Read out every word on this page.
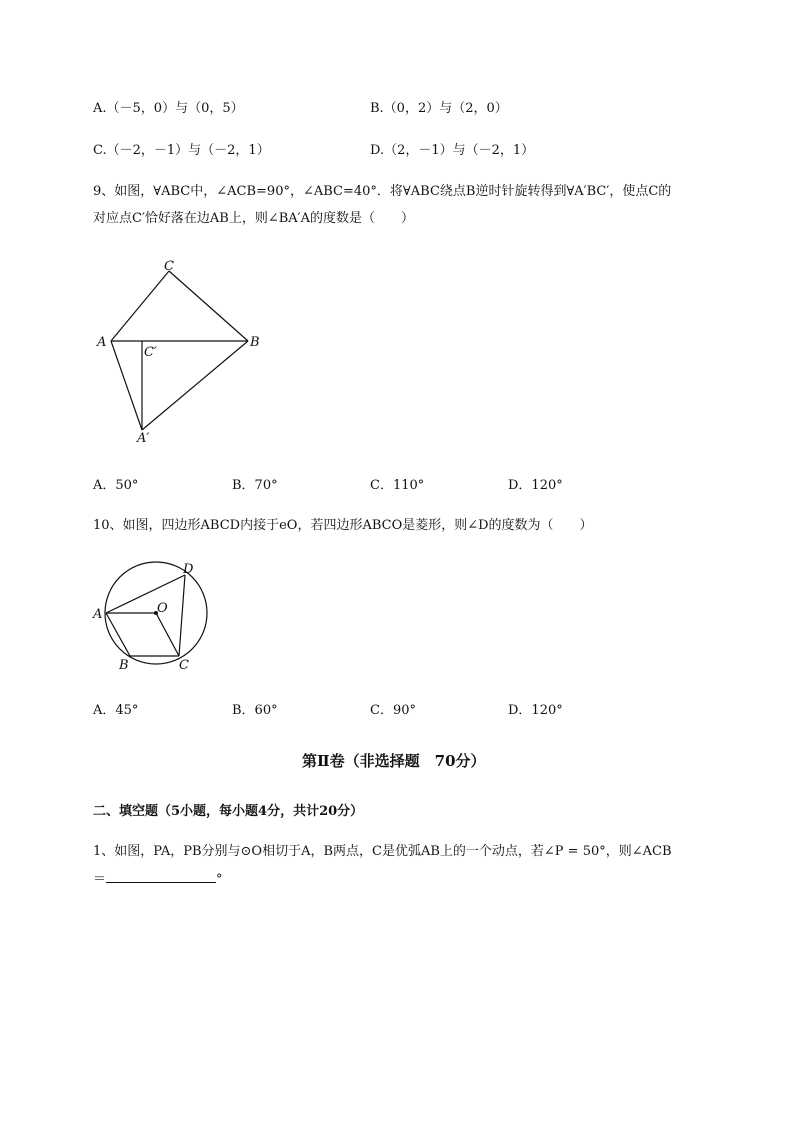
A.（－5，0）与（0，5）	B.（0，2）与（2，0）
C.（－2，－1）与（－2，1）	D.（2，－1）与（－2，1）
9、如图，∀ABC中，∠ACB=90°，∠ABC=40°．将∀ABC绕点B逆时针旋转得到∀A′BC′，使点C的
对应点C′恰好落在边AB上，则∠BA′A的度数是（　　）
C
A	B
C′
A′
A．50°	B．70°	C．110°	D．120°
10、如图，四边形ABCD内接于eO，若四边形ABCO是菱形，则∠D的度数为（　　）
D
A	O
B	C
A．45°	B．60°	C．90°	D．120°
第Ⅱ卷（非选择题　70分）
二、填空题（5小题，每小题4分，共计20分）
1、如图，PA，PB分别与⊙O相切于A，B两点，C是优弧AB上的一个动点，若∠P = 50°，则∠ACB
＝	°
